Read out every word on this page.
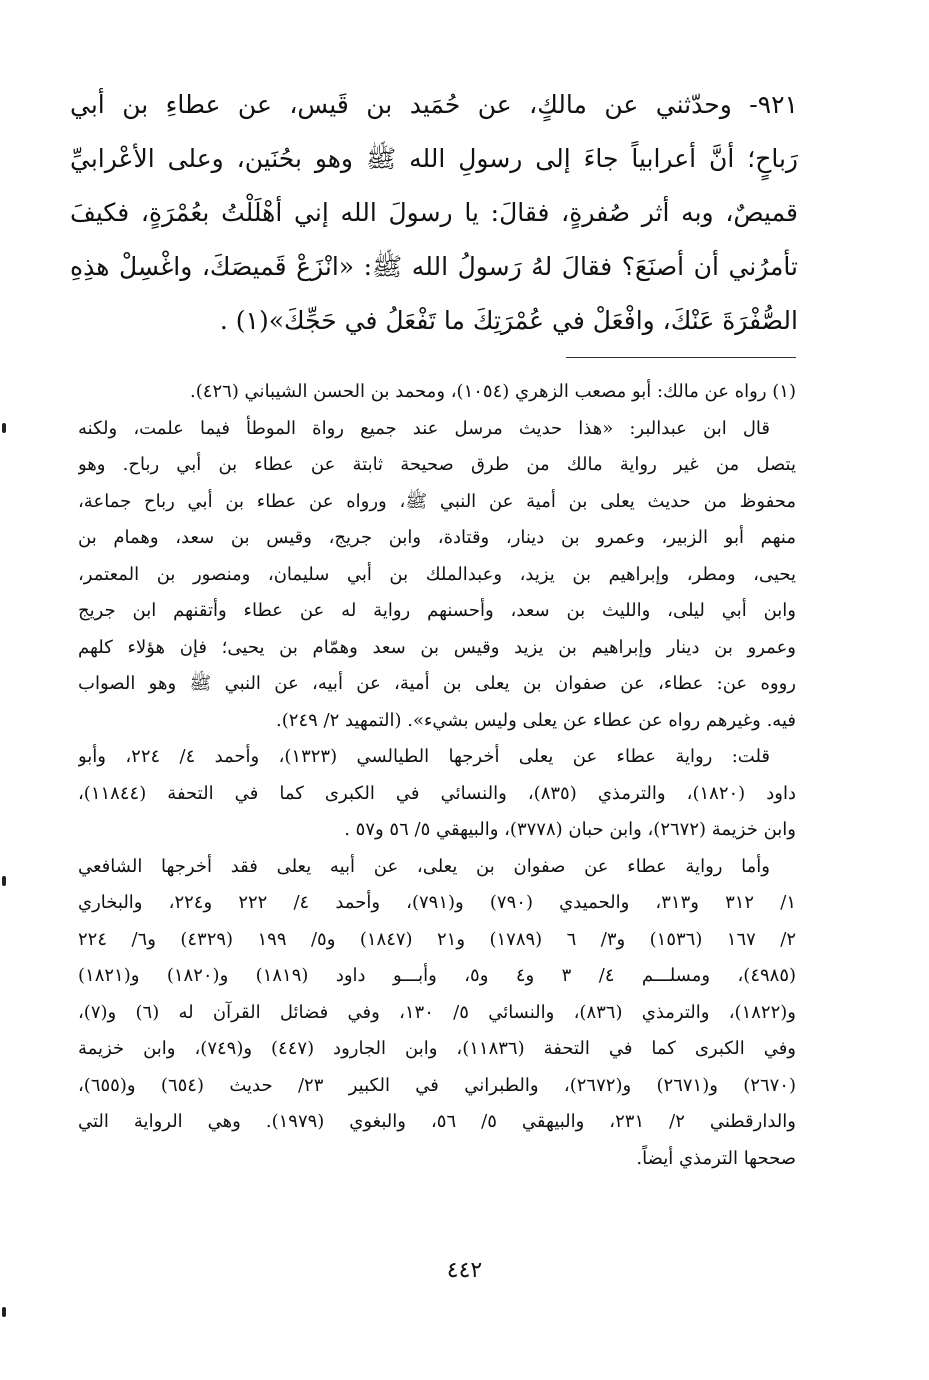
٩٢١- وحدّثني عن مالكٍ، عن حُمَيد بن قَيس، عن عطاءِ بن أبي
رَباحٍ؛ أنَّ أعرابياً جاءَ إلى رسولِ الله ﷺ وهو بحُنَين، وعلى الأعْرابيِّ
قميصٌ، وبه أثر صُفرةٍ، فقالَ: يا رسولَ الله إني أهْلَلْتُ بعُمْرَةٍ، فكيفَ
تأمرُني أن أصنَعَ؟ فقالَ لهُ رَسولُ الله ﷺ: «انْزَعْ قَميصَكَ، واغْسِلْ هذِهِ
الصُّفْرَةَ عَنْكَ، وافْعَلْ في عُمْرَتِكَ ما تَفْعَلُ في حَجِّكَ»(١) .
(١) رواه عن مالك: أبو مصعب الزهري (١٠٥٤)، ومحمد بن الحسن الشيباني (٤٢٦).
قال ابن عبدالبر: «هذا حديث مرسل عند جميع رواة الموطأ فيما علمت، ولكنه
يتصل من غير رواية مالك من طرق صحيحة ثابتة عن عطاء بن أبي رباح. وهو
محفوظ من حديث يعلى بن أمية عن النبي ﷺ، ورواه عن عطاء بن أبي رباح جماعة،
منهم أبو الزبير، وعمرو بن دينار، وقتادة، وابن جريج، وقيس بن سعد، وهمام بن
يحيى، ومطر، وإبراهيم بن يزيد، وعبدالملك بن أبي سليمان، ومنصور بن المعتمر،
وابن أبي ليلى، والليث بن سعد، وأحسنهم رواية له عن عطاء وأتقنهم ابن جريج
وعمرو بن دينار وإبراهيم بن يزيد وقيس بن سعد وهمّام بن يحيى؛ فإن هؤلاء كلهم
رووه عن: عطاء، عن صفوان بن يعلى بن أمية، عن أبيه، عن النبي ﷺ وهو الصواب
فيه. وغيرهم رواه عن عطاء عن يعلى وليس بشيء». (التمهيد ٢/ ٢٤٩).
قلت: رواية عطاء عن يعلى أخرجها الطيالسي (١٣٢٣)، وأحمد ٤/ ٢٢٤، وأبو
داود (١٨٢٠)، والترمذي (٨٣٥)، والنسائي في الكبرى كما في التحفة (١١٨٤٤)،
وابن خزيمة (٢٦٧٢)، وابن حبان (٣٧٧٨)، والبيهقي ٥/ ٥٦ و٥٧ .
وأما رواية عطاء عن صفوان بن يعلى، عن أبيه يعلى فقد أخرجها الشافعي
١/ ٣١٢ و٣١٣، والحميدي (٧٩٠) و(٧٩١)، وأحمد ٤/ ٢٢٢ و٢٢٤، والبخاري
٢/ ١٦٧ (١٥٣٦) و٣/ ٦ (١٧٨٩) و٢١ (١٨٤٧) و٥/ ١٩٩ (٤٣٢٩) و٦/ ٢٢٤
(٤٩٨٥)، ومسلـــم ٤/ ٣ و٤ و٥، وأبـــو داود (١٨١٩) و(١٨٢٠) و(١٨٢١)
و(١٨٢٢)، والترمذي (٨٣٦)، والنسائي ٥/ ١٣٠، وفي فضائل القرآن له (٦) و(٧)،
وفي الكبرى كما في التحفة (١١٨٣٦)، وابن الجارود (٤٤٧) و(٧٤٩)، وابن خزيمة
(٢٦٧٠) و(٢٦٧١) و(٢٦٧٢)، والطبراني في الكبير ٢٣/ حديث (٦٥٤) و(٦٥٥)،
والدارقطني ٢/ ٢٣١، والبيهقي ٥/ ٥٦، والبغوي (١٩٧٩). وهي الرواية التي
صححها الترمذي أيضاً.
٤٤٢
